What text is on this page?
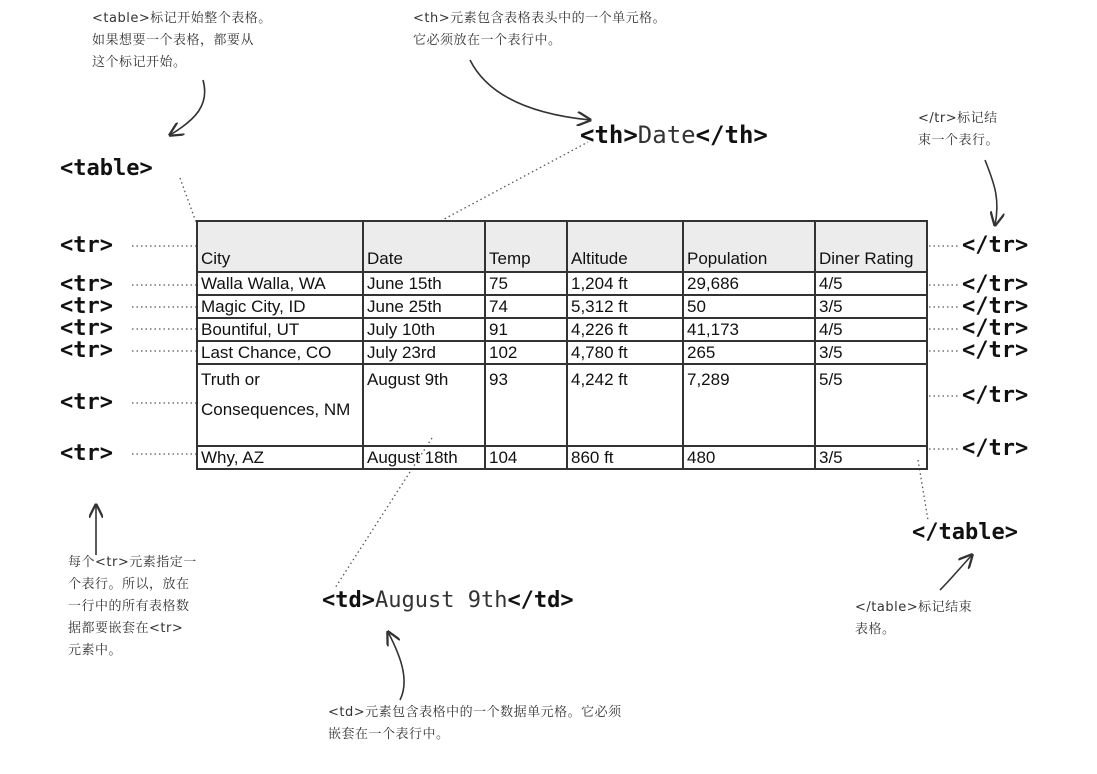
<table>标记开始整个表格。
如果想要一个表格，都要从
这个标记开始。
<th>元素包含表格表头中的一个单元格。
它必须放在一个表行中。
</tr>标记结
束一个表行。
每个<tr>元素指定一
个表行。所以，放在
一行中的所有表格数
据都要嵌套在<tr>
元素中。
<td>元素包含表格中的一个数据单元格。它必须
嵌套在一个表行中。
</table>标记结束
表格。
<table>
<th>Date</th>
<tr>
<tr>
<tr>
<tr>
<tr>
<tr>
<tr>
</tr>
</tr>
</tr>
</tr>
</tr>
</tr>
</tr>
</table>
<td>August 9th</td>
City	Date	Temp	Altitude	Population	Diner Rating
Walla Walla, WA	June 15th	75	1,204 ft	29,686	4/5
Magic City, ID	June 25th	74	5,312 ft	50	3/5
Bountiful, UT	July 10th	91	4,226 ft	41,173	4/5
Last Chance, CO	July 23rd	102	4,780 ft	265	3/5
Truth or Consequences, NM	August 9th	93	4,242 ft	7,289	5/5
Why, AZ	August 18th	104	860 ft	480	3/5
